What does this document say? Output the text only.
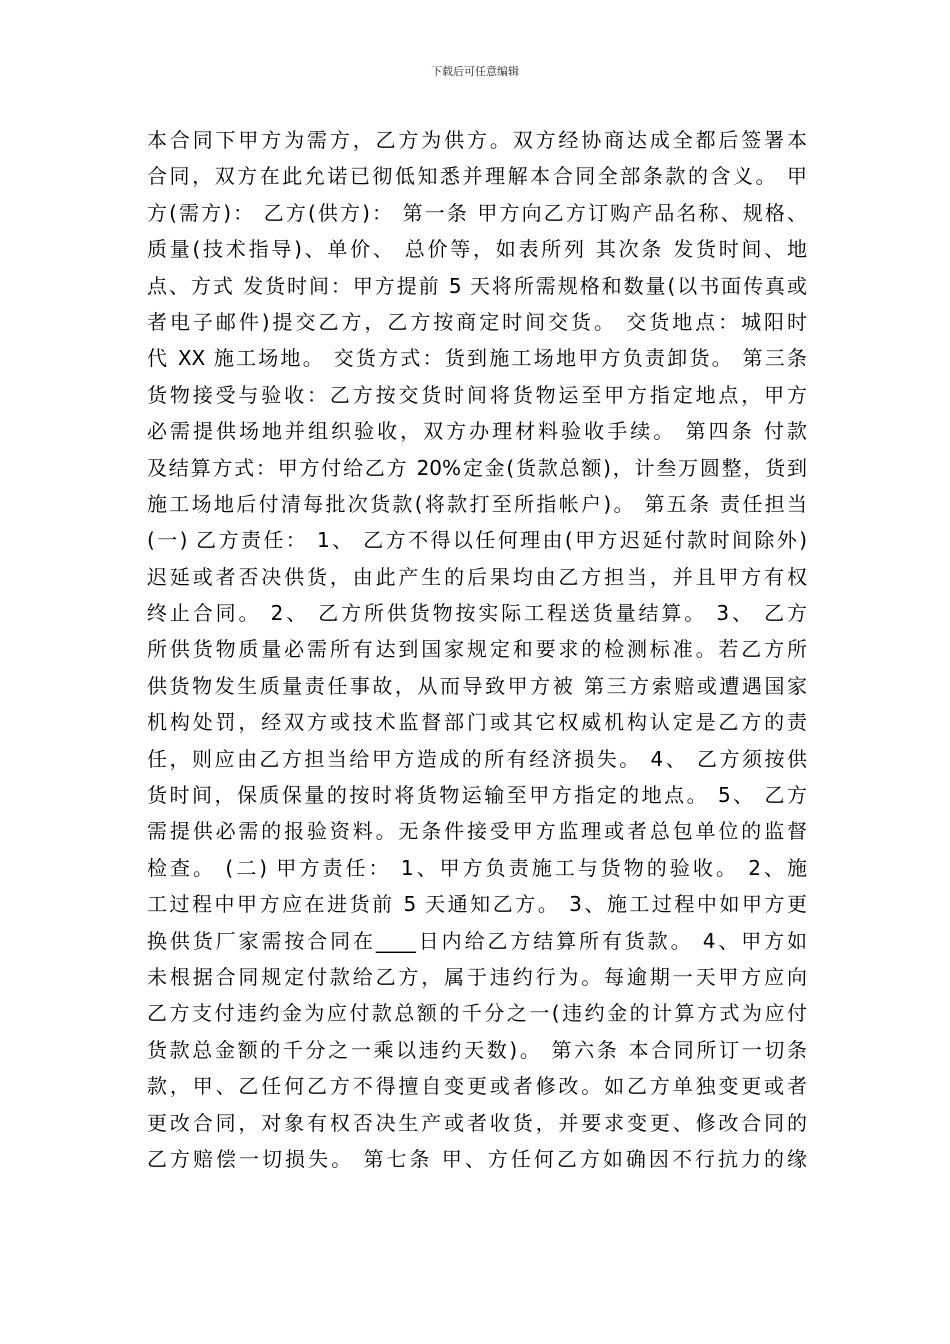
下载后可任意编辑
本合同下甲方为需方，乙方为供方。双方经协商达成全都后签署本
合同，双方在此允诺已彻低知悉并理解本合同全部条款的含义。 甲
方(需方)： 乙方(供方)： 第一条 甲方向乙方订购产品名称、规格、
质量(技术指导)、单价、 总价等，如表所列 其次条 发货时间、地
点、方式 发货时间：甲方提前 5 天将所需规格和数量(以书面传真或
者电子邮件)提交乙方，乙方按商定时间交货。 交货地点：城阳时
代 XX 施工场地。 交货方式：货到施工场地甲方负责卸货。 第三条
货物接受与验收：乙方按交货时间将货物运至甲方指定地点，甲方
必需提供场地并组织验收，双方办理材料验收手续。 第四条 付款
及结算方式：甲方付给乙方 20%定金(货款总额)，计叁万圆整，货到
施工场地后付清每批次货款(将款打至所指帐户)。 第五条 责任担当
(一) 乙方责任： 1、 乙方不得以任何理由(甲方迟延付款时间除外)
迟延或者否决供货，由此产生的后果均由乙方担当，并且甲方有权
终止合同。 2、 乙方所供货物按实际工程送货量结算。 3、 乙方
所供货物质量必需所有达到国家规定和要求的检测标准。若乙方所
供货物发生质量责任事故，从而导致甲方被 第三方索赔或遭遇国家
机构处罚，经双方或技术监督部门或其它权威机构认定是乙方的责
任，则应由乙方担当给甲方造成的所有经济损失。 4、 乙方须按供
货时间，保质保量的按时将货物运输至甲方指定的地点。 5、 乙方
需提供必需的报验资料。无条件接受甲方监理或者总包单位的监督
检查。 (二) 甲方责任： 1、甲方负责施工与货物的验收。 2、施
工过程中甲方应在进货前 5 天通知乙方。 3、施工过程中如甲方更
换供货厂家需按合同在____日内给乙方结算所有货款。 4、甲方如
未根据合同规定付款给乙方，属于违约行为。每逾期一天甲方应向
乙方支付违约金为应付款总额的千分之一(违约金的计算方式为应付
货款总金额的千分之一乘以违约天数)。 第六条 本合同所订一切条
款，甲、乙任何乙方不得擅自变更或者修改。如乙方单独变更或者
更改合同，对象有权否决生产或者收货，并要求变更、修改合同的
乙方赔偿一切损失。 第七条 甲、方任何乙方如确因不行抗力的缘
